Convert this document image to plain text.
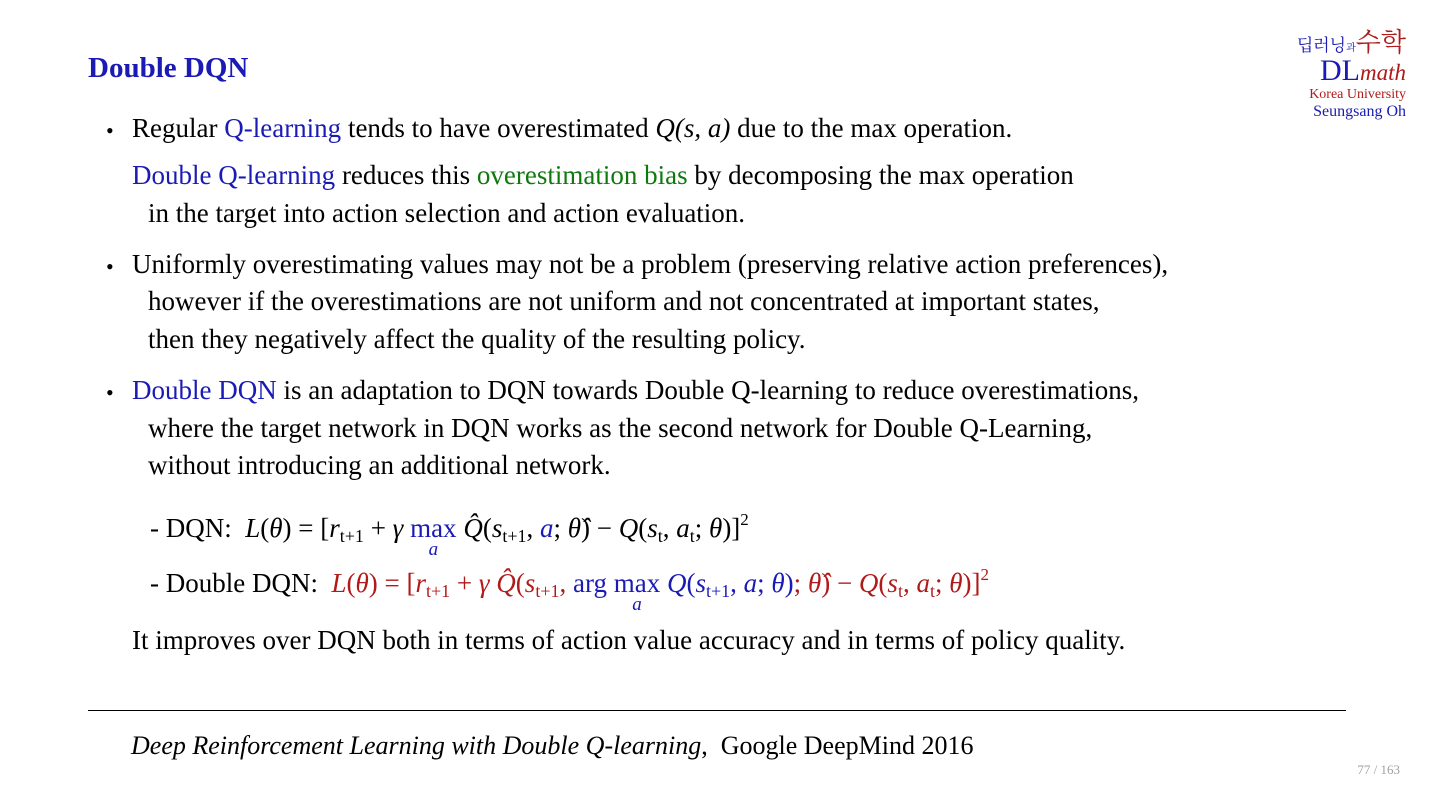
Double DQN
딥러닝과수학
DLmath
Korea University
Seungsang Oh
• Regular Q-learning tends to have overestimated Q(s, a) due to the max operation.
Double Q-learning reduces this overestimation bias by decomposing the max operation
in the target into action selection and action evaluation.
• Uniformly overestimating values may not be a problem (preserving relative action preferences),
however if the overestimations are not uniform and not concentrated at important states,
then they negatively affect the quality of the resulting policy.
• Double DQN is an adaptation to DQN towards Double Q-learning to reduce overestimations,
where the target network in DQN works as the second network for Double Q-Learning,
without introducing an additional network.
- DQN: $L(\theta) = [r_{t+1} + \gamma$ max
a
$Q̂(s_{t+1}$, a; θ̂) − $Q(s_t$, $a_t$; θ)]$^2$
- Double DQN: $L(\theta) = [r_{t+1} + \gamma$ $Q̂(s_{t+1}$, arg max
a
$Q(s_{t+1}$, a; θ); θ̂) − $Q(s_t$, $a_t$; θ)]$^2$
It improves over DQN both in terms of action value accuracy and in terms of policy quality.
Deep Reinforcement Learning with Double Q-learning,  Google DeepMind 2016
77 / 163
